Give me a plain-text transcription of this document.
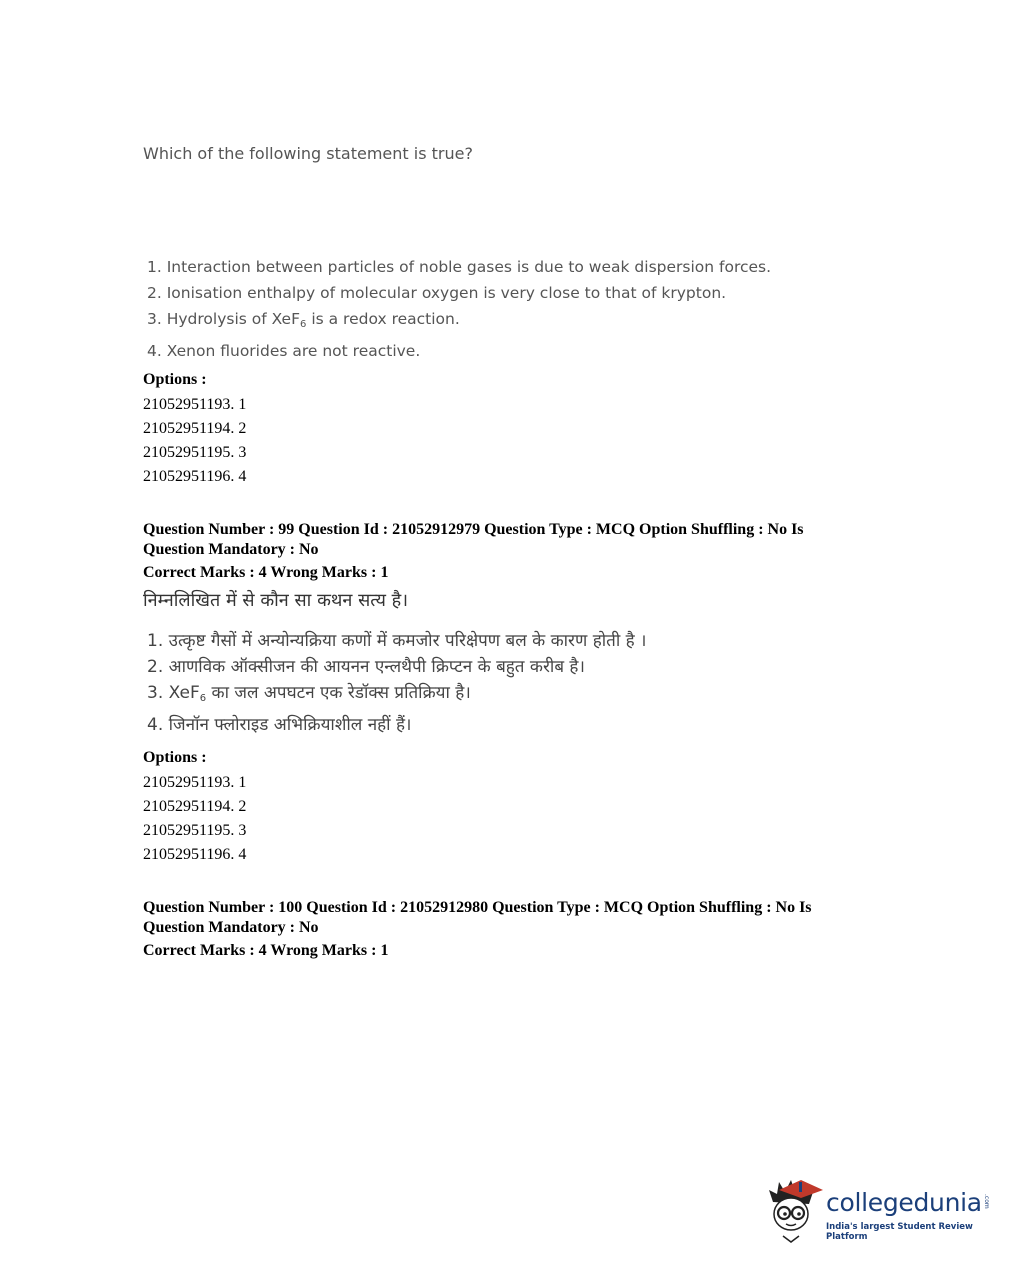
Which of the following statement is true?
1. Interaction between particles of noble gases is due to weak dispersion forces.
2. Ionisation enthalpy of molecular oxygen is very close to that of krypton.
3. Hydrolysis of XeF$_6$ is a redox reaction.
4. Xenon fluorides are not reactive.
Options :
21052951193. 1
21052951194. 2
21052951195. 3
21052951196. 4
Question Number : 99 Question Id : 21052912979 Question Type : MCQ Option Shuffling : No Is
Question Mandatory : No
Correct Marks : 4 Wrong Marks : 1
निम्नलिखित में से कौन सा कथन सत्य है।
1. उत्कृष्ट गैसों में अन्योन्यक्रिया कणों में कमजोर परिक्षेपण बल के कारण होती है ।
2. आणविक ऑक्सीजन की आयनन एन्लथैपी क्रिप्टन के बहुत करीब है।
3. XeF$_6$ का जल अपघटन एक रेडॉक्स प्रतिक्रिया है।
4. जिनॉन फ्लोराइड अभिक्रियाशील नहीं हैं।
Options :
21052951193. 1
21052951194. 2
21052951195. 3
21052951196. 4
Question Number : 100 Question Id : 21052912980 Question Type : MCQ Option Shuffling : No Is
Question Mandatory : No
Correct Marks : 4 Wrong Marks : 1
collegedunia .com
India's largest Student Review Platform
